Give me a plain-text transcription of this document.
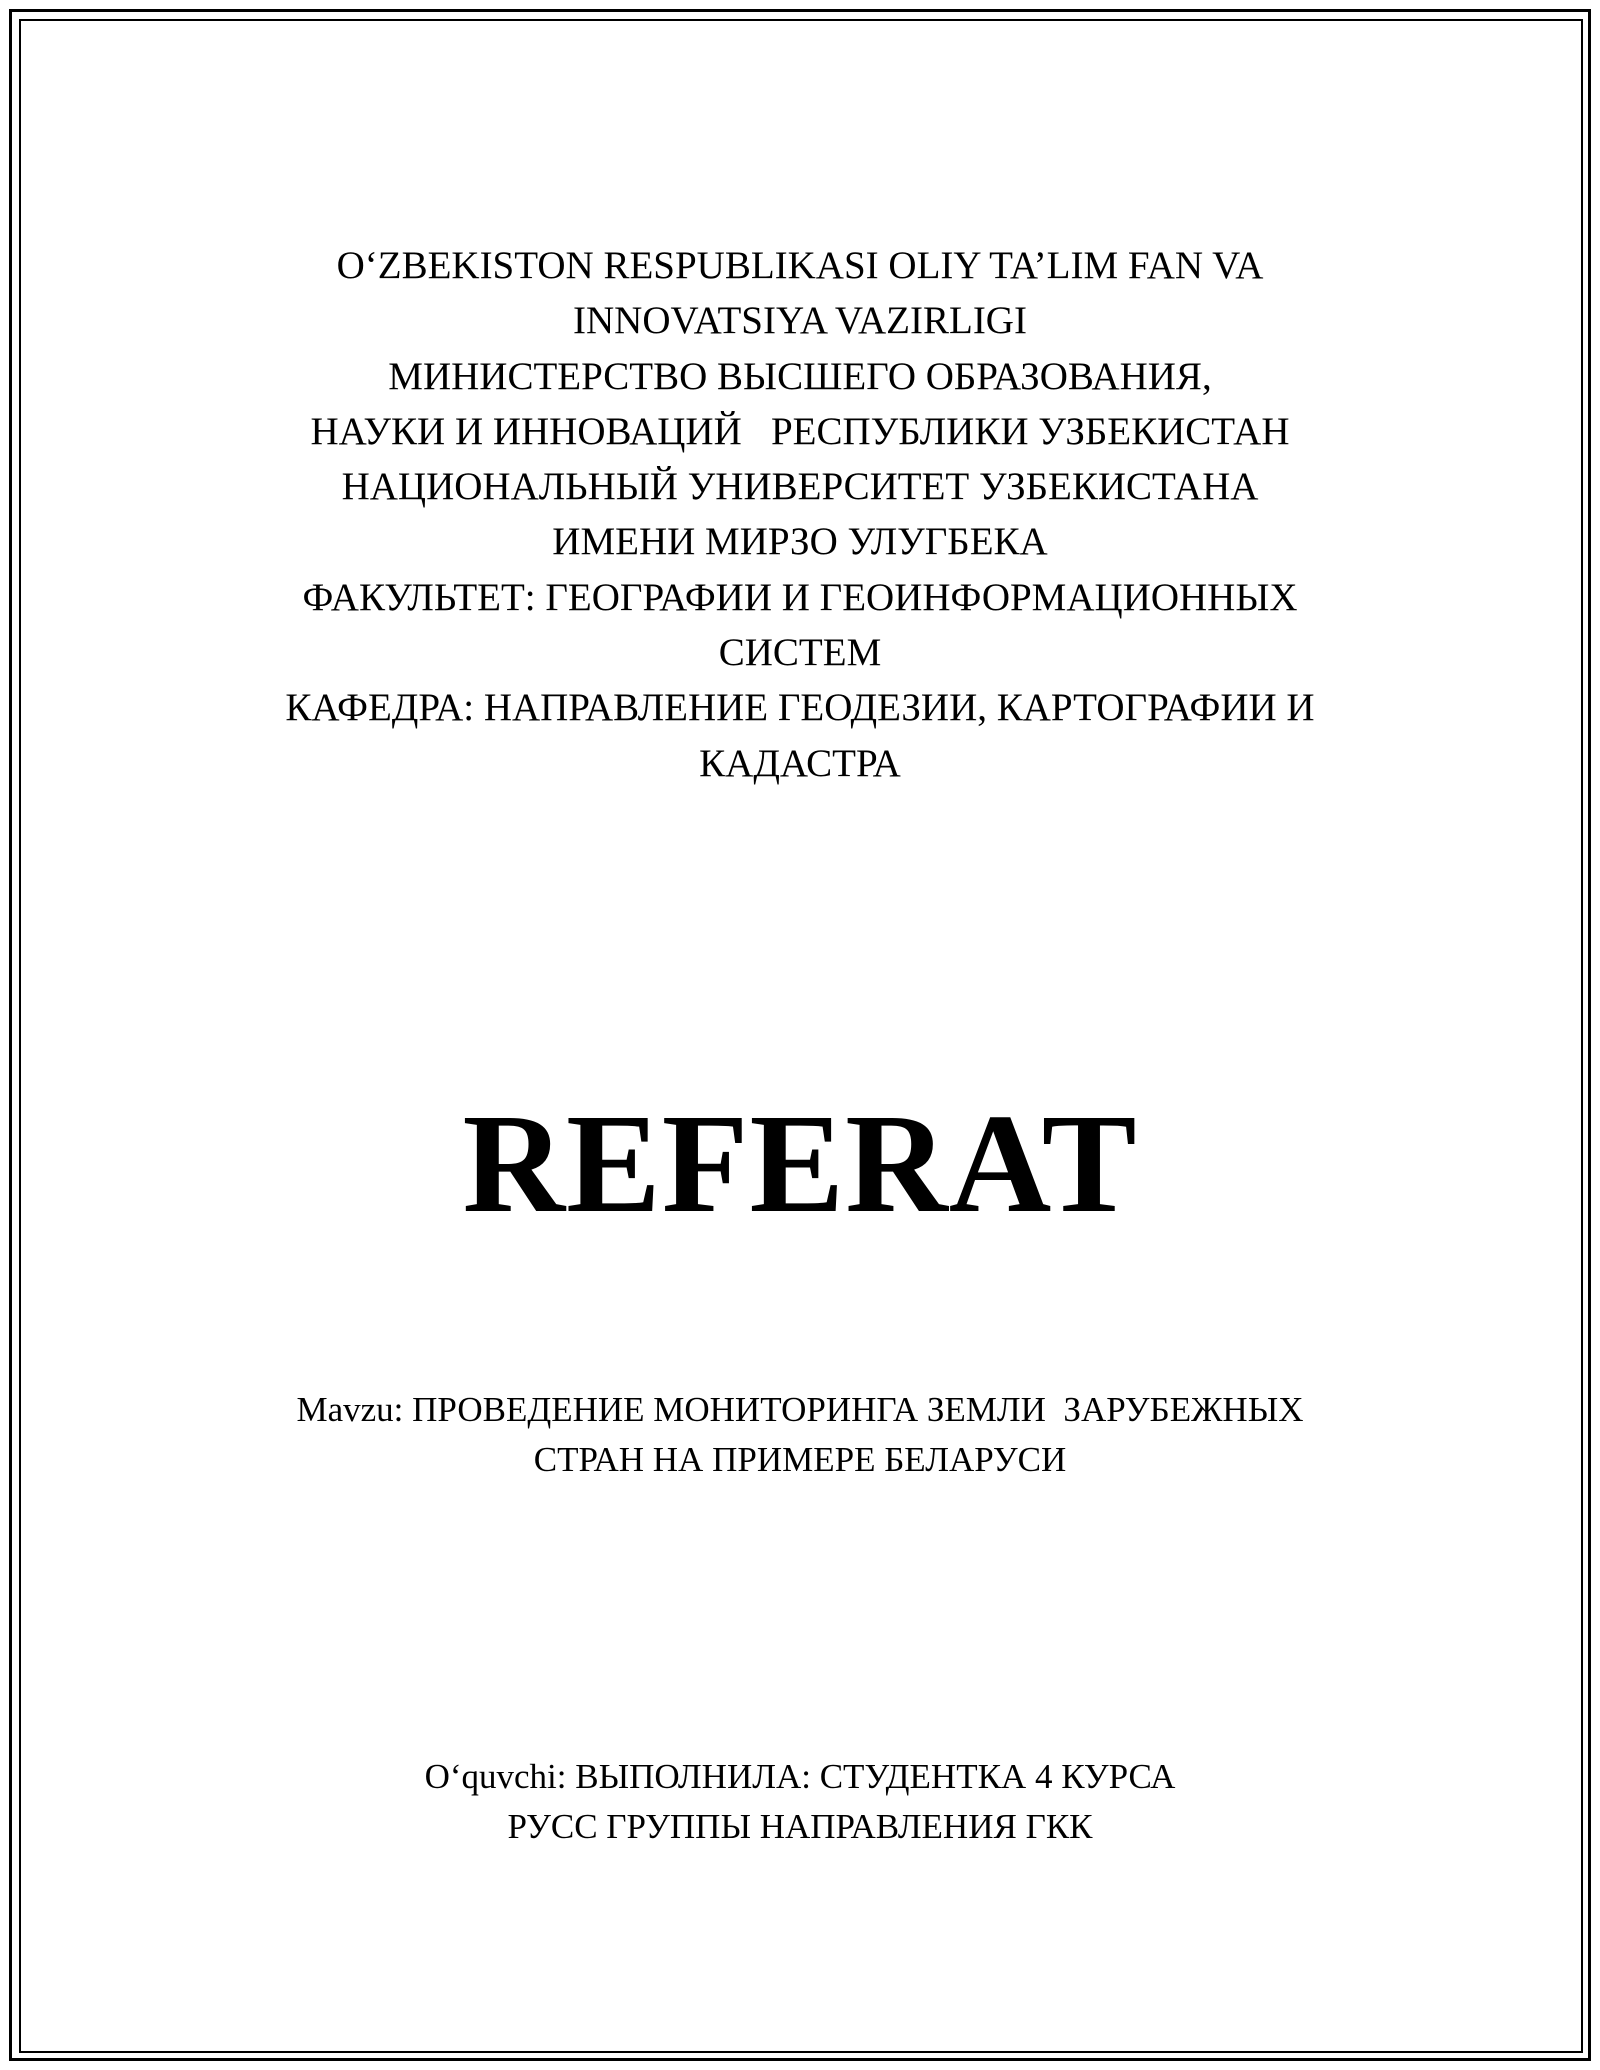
O‘ZBEKISTON RESPUBLIKASI OLIY TA’LIM FAN VA
INNOVATSIYA VAZIRLIGI
МИНИСТЕРСТВО ВЫСШЕГО ОБРАЗОВАНИЯ,
НАУКИ И ИННОВАЦИЙ   РЕСПУБЛИКИ УЗБЕКИСТАН
НАЦИОНАЛЬНЫЙ УНИВЕРСИТЕТ УЗБЕКИСТАНА
ИМЕНИ МИРЗО УЛУГБЕКА
ФАКУЛЬТЕТ: ГЕОГРАФИИ И ГЕОИНФОРМАЦИОННЫХ
СИСТЕМ
КАФЕДРА: НАПРАВЛЕНИЕ ГЕОДЕЗИИ, КАРТОГРАФИИ И
КАДАСТРА
REFERAT
Mavzu: ПРОВЕДЕНИЕ МОНИТОРИНГА ЗЕМЛИ  ЗАРУБЕЖНЫХ
СТРАН НА ПРИМЕРЕ БЕЛАРУСИ
O‘quvchi: ВЫПОЛНИЛА: СТУДЕНТКА 4 КУРСА
РУСС ГРУППЫ НАПРАВЛЕНИЯ ГКК
